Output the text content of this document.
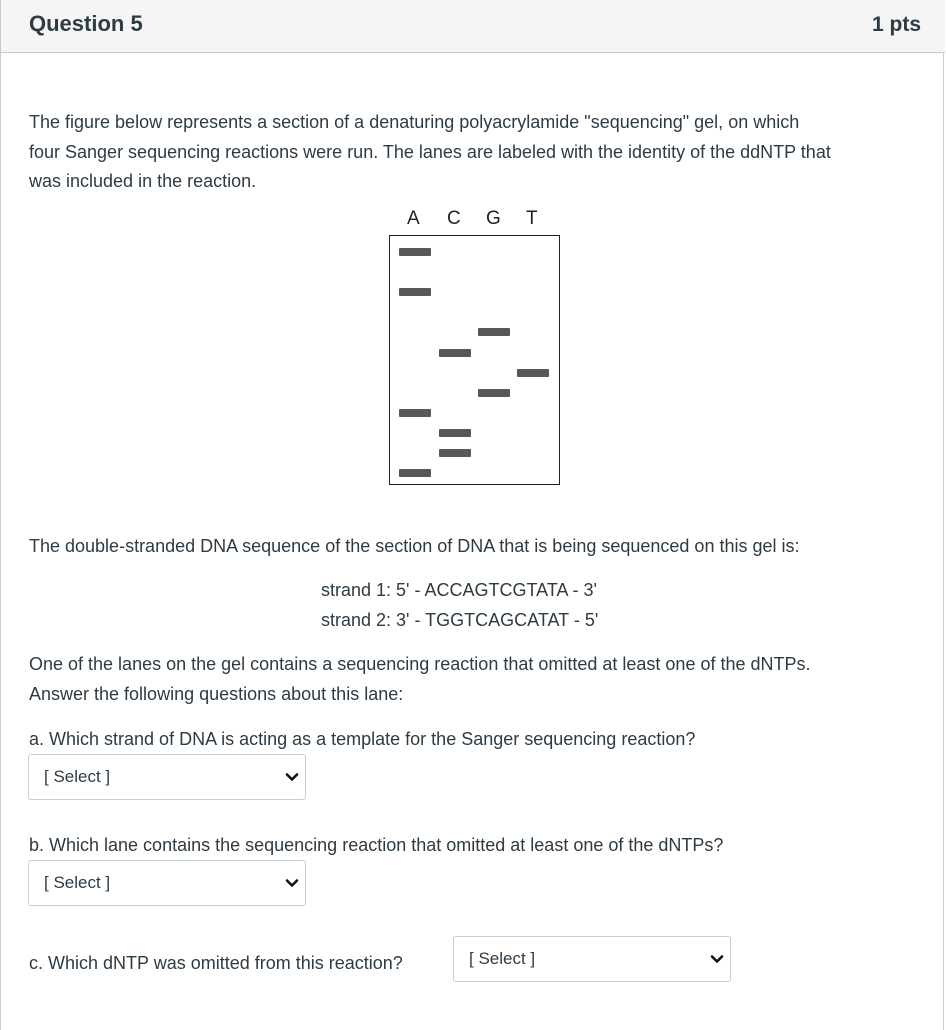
Question 5	1 pts
The figure below represents a section of a denaturing polyacrylamide "sequencing" gel, on which
four Sanger sequencing reactions were run. The lanes are labeled with the identity of the ddNTP that
was included in the reaction.
A C G T
The double-stranded DNA sequence of the section of DNA that is being sequenced on this gel is:
strand 1: 5' - ACCAGTCGTATA - 3'
strand 2: 3' - TGGTCAGCATAT - 5'
One of the lanes on the gel contains a sequencing reaction that omitted at least one of the dNTPs.
Answer the following questions about this lane:
a. Which strand of DNA is acting as a template for the Sanger sequencing reaction?
[ Select ]
b. Which lane contains the sequencing reaction that omitted at least one of the dNTPs?
[ Select ]
c. Which dNTP was omitted from this reaction?	[ Select ]
